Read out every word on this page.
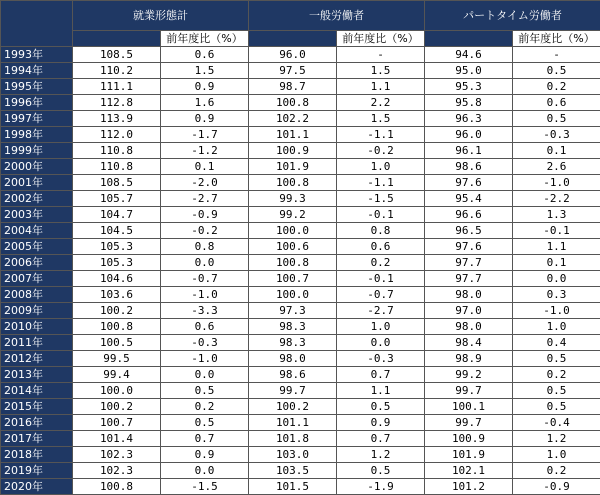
	就業形態計		一般労働者		パートタイム労働者	
		前年度比（%）		前年度比（%）		前年度比（%）
1993年	108.5	0.6	96.0	-	94.6	-
1994年	110.2	1.5	97.5	1.5	95.0	0.5
1995年	111.1	0.9	98.7	1.1	95.3	0.2
1996年	112.8	1.6	100.8	2.2	95.8	0.6
1997年	113.9	0.9	102.2	1.5	96.3	0.5
1998年	112.0	-1.7	101.1	-1.1	96.0	-0.3
1999年	110.8	-1.2	100.9	-0.2	96.1	0.1
2000年	110.8	0.1	101.9	1.0	98.6	2.6
2001年	108.5	-2.0	100.8	-1.1	97.6	-1.0
2002年	105.7	-2.7	99.3	-1.5	95.4	-2.2
2003年	104.7	-0.9	99.2	-0.1	96.6	1.3
2004年	104.5	-0.2	100.0	0.8	96.5	-0.1
2005年	105.3	0.8	100.6	0.6	97.6	1.1
2006年	105.3	0.0	100.8	0.2	97.7	0.1
2007年	104.6	-0.7	100.7	-0.1	97.7	0.0
2008年	103.6	-1.0	100.0	-0.7	98.0	0.3
2009年	100.2	-3.3	97.3	-2.7	97.0	-1.0
2010年	100.8	0.6	98.3	1.0	98.0	1.0
2011年	100.5	-0.3	98.3	0.0	98.4	0.4
2012年	99.5	-1.0	98.0	-0.3	98.9	0.5
2013年	99.4	0.0	98.6	0.7	99.2	0.2
2014年	100.0	0.5	99.7	1.1	99.7	0.5
2015年	100.2	0.2	100.2	0.5	100.1	0.5
2016年	100.7	0.5	101.1	0.9	99.7	-0.4
2017年	101.4	0.7	101.8	0.7	100.9	1.2
2018年	102.3	0.9	103.0	1.2	101.9	1.0
2019年	102.3	0.0	103.5	0.5	102.1	0.2
2020年	100.8	-1.5	101.5	-1.9	101.2	-0.9
